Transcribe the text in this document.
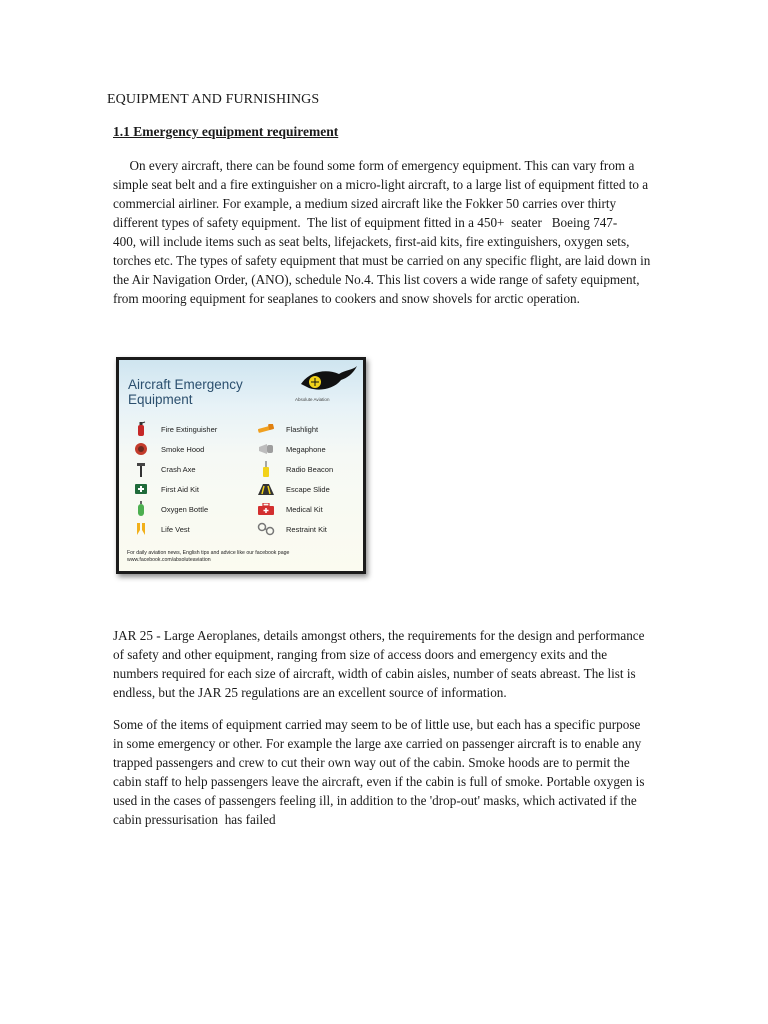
EQUIPMENT AND FURNISHINGS
1.1 Emergency equipment requirement

On every aircraft, there can be found some form of emergency equipment. This can vary from a
simple seat belt and a fire extinguisher on a micro-light aircraft, to a large list of equipment fitted to a
commercial airliner. For example, a medium sized aircraft like the Fokker 50 carries over thirty
different types of safety equipment.  The list of equipment fitted in a 450+  seater   Boeing 747-
400, will include items such as seat belts, lifejackets, first-aid kits, fire extinguishers, oxygen sets,
torches etc. The types of safety equipment that must be carried on any specific flight, are laid down in
the Air Navigation Order, (ANO), schedule No.4. This list covers a wide range of safety equipment,
from mooring equipment for seaplanes to cookers and snow shovels for arctic operation.

Aircraft Emergency
Equipment	Absolute Aviation
Fire Extinguisher	Flashlight
Smoke Hood	Megaphone
Crash Axe	Radio Beacon
First Aid Kit	Escape Slide
Oxygen Bottle	Medical Kit
Life Vest	Restraint Kit
For daily aviation news, English tips and advice like our facebook page
www.facebook.com/absoluteaviation

JAR 25 - Large Aeroplanes, details amongst others, the requirements for the design and performance
of safety and other equipment, ranging from size of access doors and emergency exits and the
numbers required for each size of aircraft, width of cabin aisles, number of seats abreast. The list is
endless, but the JAR 25 regulations are an excellent source of information.

Some of the items of equipment carried may seem to be of little use, but each has a specific purpose
in some emergency or other. For example the large axe carried on passenger aircraft is to enable any
trapped passengers and crew to cut their own way out of the cabin. Smoke hoods are to permit the
cabin staff to help passengers leave the aircraft, even if the cabin is full of smoke. Portable oxygen is
used in the cases of passengers feeling ill, in addition to the 'drop-out' masks, which activated if the
cabin pressurisation  has failed
